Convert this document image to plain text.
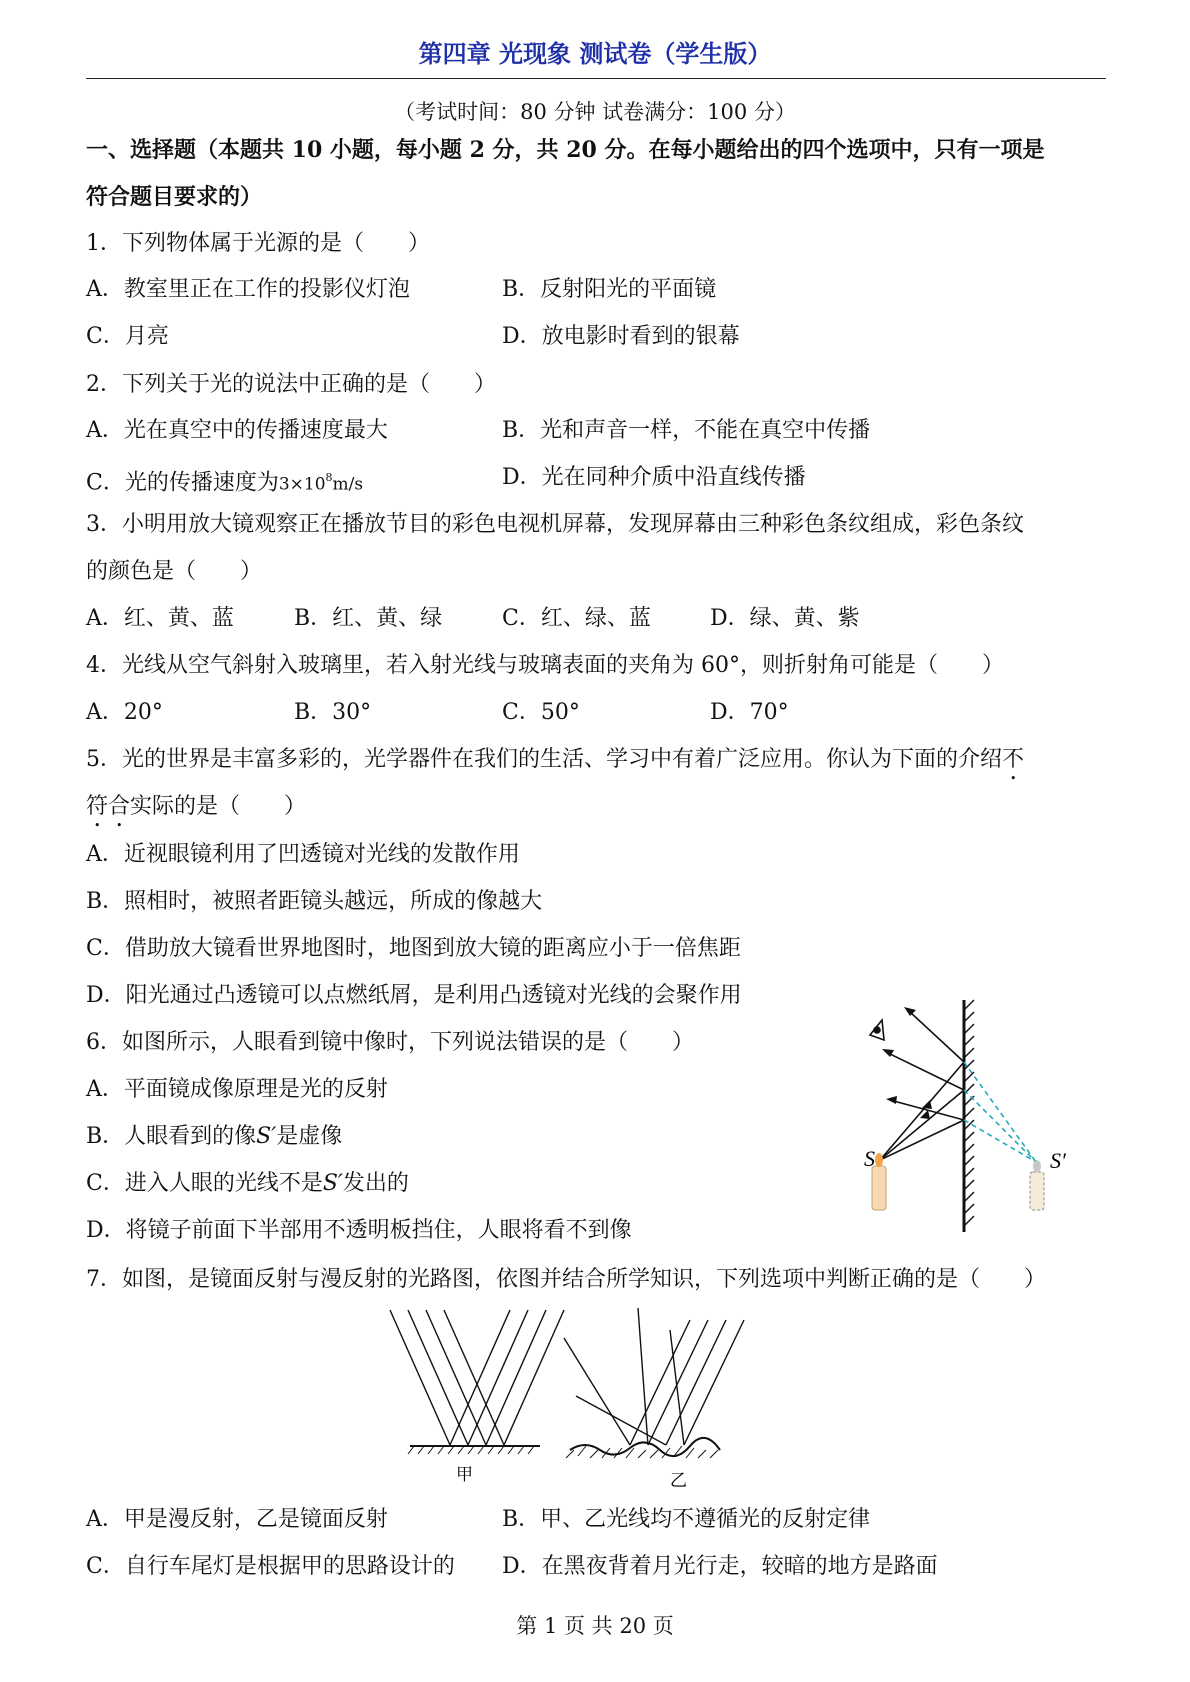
第四章 光现象 测试卷（学生版）
（考试时间：80 分钟 试卷满分：100 分）
一、选择题（本题共 10 小题，每小题 2 分，共 20 分。在每小题给出的四个选项中，只有一项是
符合题目要求的）
1．下列物体属于光源的是（　　）
A．教室里正在工作的投影仪灯泡	B．反射阳光的平面镜
C．月亮	D．放电影时看到的银幕
2．下列关于光的说法中正确的是（　　）
A．光在真空中的传播速度最大	B．光和声音一样，不能在真空中传播
C．光的传播速度为$3\times 10^8m/s$	D．光在同种介质中沿直线传播
3．小明用放大镜观察正在播放节目的彩色电视机屏幕，发现屏幕由三种彩色条纹组成，彩色条纹
的颜色是（　　）
A．红、黄、蓝	B．红、黄、绿	C．红、绿、蓝	D．绿、黄、紫
4．光线从空气斜射入玻璃里，若入射光线与玻璃表面的夹角为 60°，则折射角可能是（　　）
A．20°	B．30°	C．50°	D．70°
5．光的世界是丰富多彩的，光学器件在我们的生活、学习中有着广泛应用。你认为下面的介绍不
符合实际的是（　　）
A．近视眼镜利用了凹透镜对光线的发散作用
B．照相时，被照者距镜头越远，所成的像越大
C．借助放大镜看世界地图时，地图到放大镜的距离应小于一倍焦距
D．阳光通过凸透镜可以点燃纸屑，是利用凸透镜对光线的会聚作用
6．如图所示，人眼看到镜中像时，下列说法错误的是（　　）
A．平面镜成像原理是光的反射
B．人眼看到的像S′是虚像
C．进入人眼的光线不是S′发出的
D．将镜子前面下半部用不透明板挡住，人眼将看不到像
S	S′
7．如图，是镜面反射与漫反射的光路图，依图并结合所学知识，下列选项中判断正确的是（　　）
甲	乙
A．甲是漫反射，乙是镜面反射	B．甲、乙光线均不遵循光的反射定律
C．自行车尾灯是根据甲的思路设计的 D．在黑夜背着月光行走，较暗的地方是路面
第 1 页 共 20 页
